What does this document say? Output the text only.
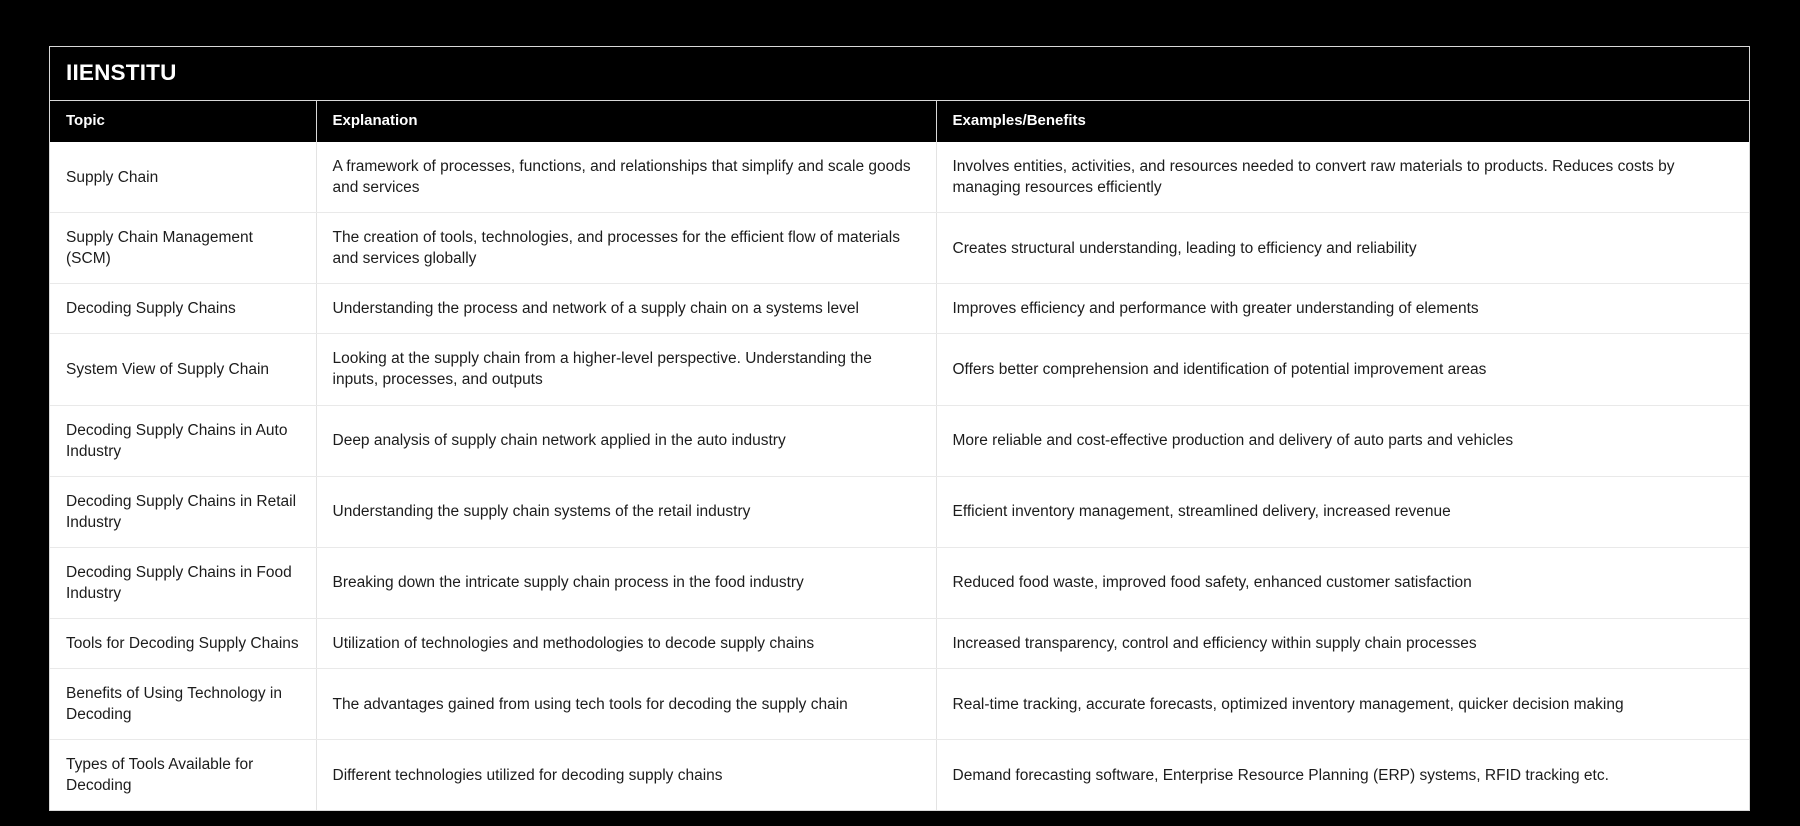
IIENSTITU
Topic	Explanation	Examples/Benefits
Supply Chain	A framework of processes, functions, and relationships that simplify and scale goods and services	Involves entities, activities, and resources needed to convert raw materials to products. Reduces costs by managing resources efficiently
Supply Chain Management (SCM)	The creation of tools, technologies, and processes for the efficient flow of materials and services globally	Creates structural understanding, leading to efficiency and reliability
Decoding Supply Chains	Understanding the process and network of a supply chain on a systems level	Improves efficiency and performance with greater understanding of elements
System View of Supply Chain	Looking at the supply chain from a higher-level perspective. Understanding the inputs, processes, and outputs	Offers better comprehension and identification of potential improvement areas
Decoding Supply Chains in Auto Industry	Deep analysis of supply chain network applied in the auto industry	More reliable and cost-effective production and delivery of auto parts and vehicles
Decoding Supply Chains in Retail Industry	Understanding the supply chain systems of the retail industry	Efficient inventory management, streamlined delivery, increased revenue
Decoding Supply Chains in Food Industry	Breaking down the intricate supply chain process in the food industry	Reduced food waste, improved food safety, enhanced customer satisfaction
Tools for Decoding Supply Chains	Utilization of technologies and methodologies to decode supply chains	Increased transparency, control and efficiency within supply chain processes
Benefits of Using Technology in Decoding	The advantages gained from using tech tools for decoding the supply chain	Real-time tracking, accurate forecasts, optimized inventory management, quicker decision making
Types of Tools Available for Decoding	Different technologies utilized for decoding supply chains	Demand forecasting software, Enterprise Resource Planning (ERP) systems, RFID tracking etc.
